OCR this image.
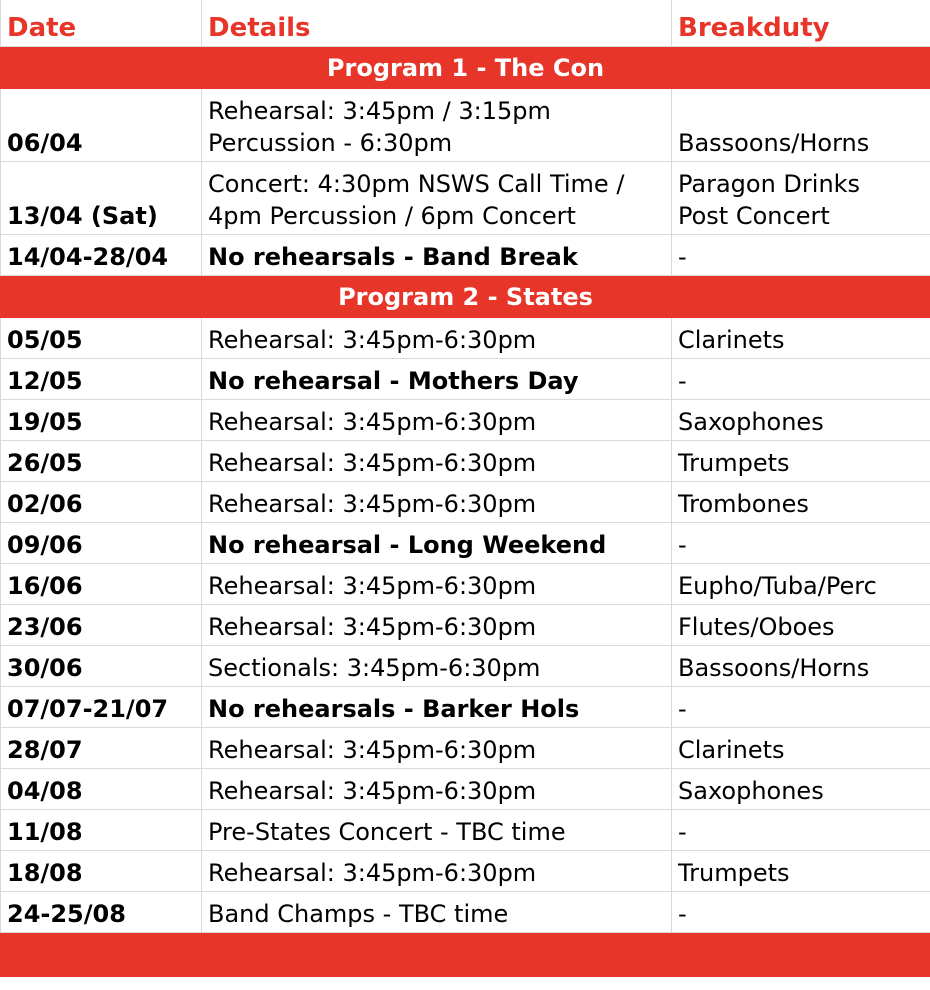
Date	Details	Breakduty
Program 1 - The Con		
06/04	Rehearsal: 3:45pm / 3:15pm Percussion - 6:30pm	Bassoons/Horns
13/04 (Sat)	Concert: 4:30pm NSWS Call Time / 4pm Percussion / 6pm Concert	Paragon Drinks Post Concert
14/04-28/04	No rehearsals - Band Break	-
Program 2 - States		
05/05	Rehearsal: 3:45pm-6:30pm	Clarinets
12/05	No rehearsal - Mothers Day	-
19/05	Rehearsal: 3:45pm-6:30pm	Saxophones
26/05	Rehearsal: 3:45pm-6:30pm	Trumpets
02/06	Rehearsal: 3:45pm-6:30pm	Trombones
09/06	No rehearsal - Long Weekend	-
16/06	Rehearsal: 3:45pm-6:30pm	Eupho/Tuba/Perc
23/06	Rehearsal: 3:45pm-6:30pm	Flutes/Oboes
30/06	Sectionals: 3:45pm-6:30pm	Bassoons/Horns
07/07-21/07	No rehearsals - Barker Hols	-
28/07	Rehearsal: 3:45pm-6:30pm	Clarinets
04/08	Rehearsal: 3:45pm-6:30pm	Saxophones
11/08	Pre-States Concert - TBC time	-
18/08	Rehearsal: 3:45pm-6:30pm	Trumpets
24-25/08	Band Champs - TBC time	-
